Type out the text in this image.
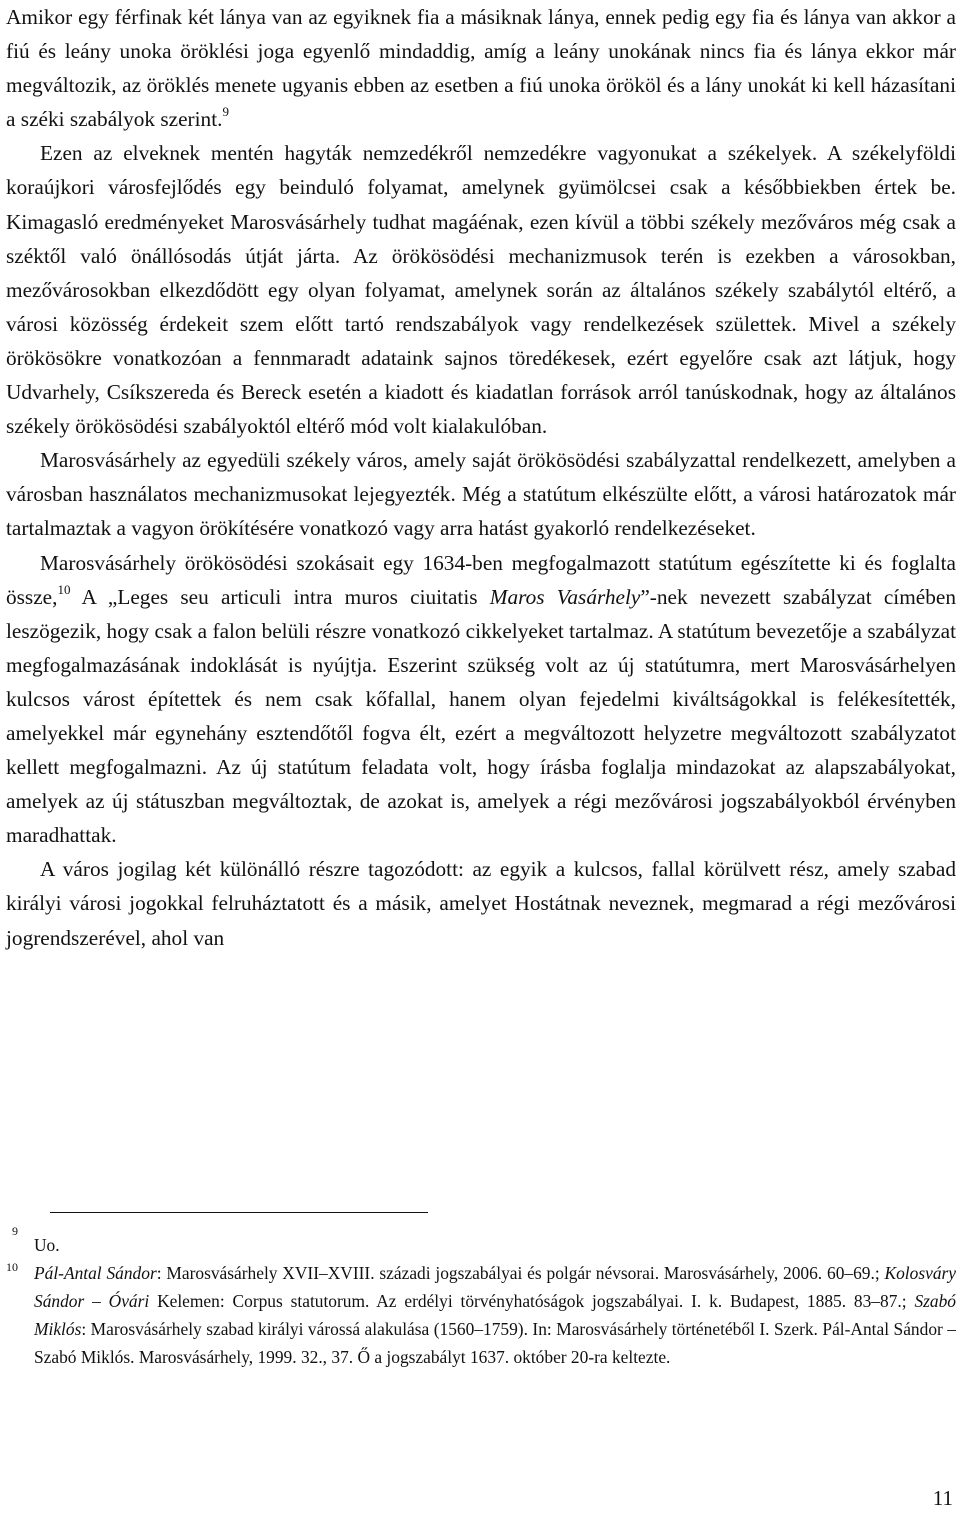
Amikor egy férfinak két lánya van az egyiknek fia a másiknak lánya, ennek pedig egy fia és lánya van akkor a fiú és leány unoka öröklési joga egyenlő mindaddig, amíg a leány unokának nincs fia és lánya ekkor már megváltozik, az öröklés menete ugyanis ebben az esetben a fiú unoka örököl és a lány unokát ki kell házasítani a széki szabályok szerint.$^9$

Ezen az elveknek mentén hagyták nemzedékről nemzedékre vagyonukat a székelyek. A székelyföldi koraújkori városfejlődés egy beinduló folyamat, amelynek gyümölcsei csak a későbbiekben értek be. Kimagasló eredményeket Marosvásárhely tudhat magáénak, ezen kívül a többi székely mezőváros még csak a széktől való önállósodás útját járta. Az örökösödési mechanizmusok terén is ezekben a városokban, mezővárosokban elkezdődött egy olyan folyamat, amelynek során az általános székely szabálytól eltérő, a városi közösség érdekeit szem előtt tartó rendszabályok vagy rendelkezések születtek. Mivel a székely örökösökre vonatkozóan a fennmaradt adataink sajnos töredékesek, ezért egyelőre csak azt látjuk, hogy Udvarhely, Csíkszereda és Bereck esetén a kiadott és kiadatlan források arról tanúskodnak, hogy az általános székely örökösödési szabályoktól eltérő mód volt kialakulóban.

Marosvásárhely az egyedüli székely város, amely saját örökösödési szabályzattal rendelkezett, amelyben a városban használatos mechanizmusokat lejegyezték. Még a statútum elkészülte előtt, a városi határozatok már tartalmaztak a vagyon örökítésére vonatkozó vagy arra hatást gyakorló rendelkezéseket.

Marosvásárhely örökösödési szokásait egy 1634-ben megfogalmazott statútum egészítette ki és foglalta össze,$^{10}$ A „Leges seu articuli intra muros ciuitatis Maros Vasárhely”-nek nevezett szabályzat címében leszögezik, hogy csak a falon belüli részre vonatkozó cikkelyeket tartalmaz. A statútum bevezetője a szabályzat megfogalmazásának indoklását is nyújtja. Eszerint szükség volt az új statútumra, mert Marosvásárhelyen kulcsos várost építettek és nem csak kőfallal, hanem olyan fejedelmi kiváltságokkal is felékesítették, amelyekkel már egynehány esztendőtől fogva élt, ezért a megváltozott helyzetre megváltozott szabályzatot kellett megfogalmazni. Az új statútum feladata volt, hogy írásba foglalja mindazokat az alapszabályokat, amelyek az új státuszban megváltoztak, de azokat is, amelyek a régi mezővárosi jogszabályokból érvényben maradhattak.

A város jogilag két különálló részre tagozódott: az egyik a kulcsos, fallal körülvett rész, amely szabad királyi városi jogokkal felruháztatott és a másik, amelyet Hostátnak neveznek, megmarad a régi mezővárosi jogrendszerével, ahol van

9
Uo.
10 Pál-Antal Sándor: Marosvásárhely XVII–XVIII. századi jogszabályai és polgár névsorai. Marosvásárhely, 2006. 60–69.; Kolosváry Sándor – Óvári Kelemen: Corpus statutorum. Az erdélyi törvényhatóságok jogszabályai. I. k. Budapest, 1885. 83–87.; Szabó Miklós: Marosvásárhely szabad királyi várossá alakulása (1560–1759). In: Marosvásárhely történetéből I. Szerk. Pál-Antal Sándor – Szabó Miklós. Marosvásárhely, 1999. 32., 37. Ő a jogszabályt 1637. október 20-ra keltezte.
11
